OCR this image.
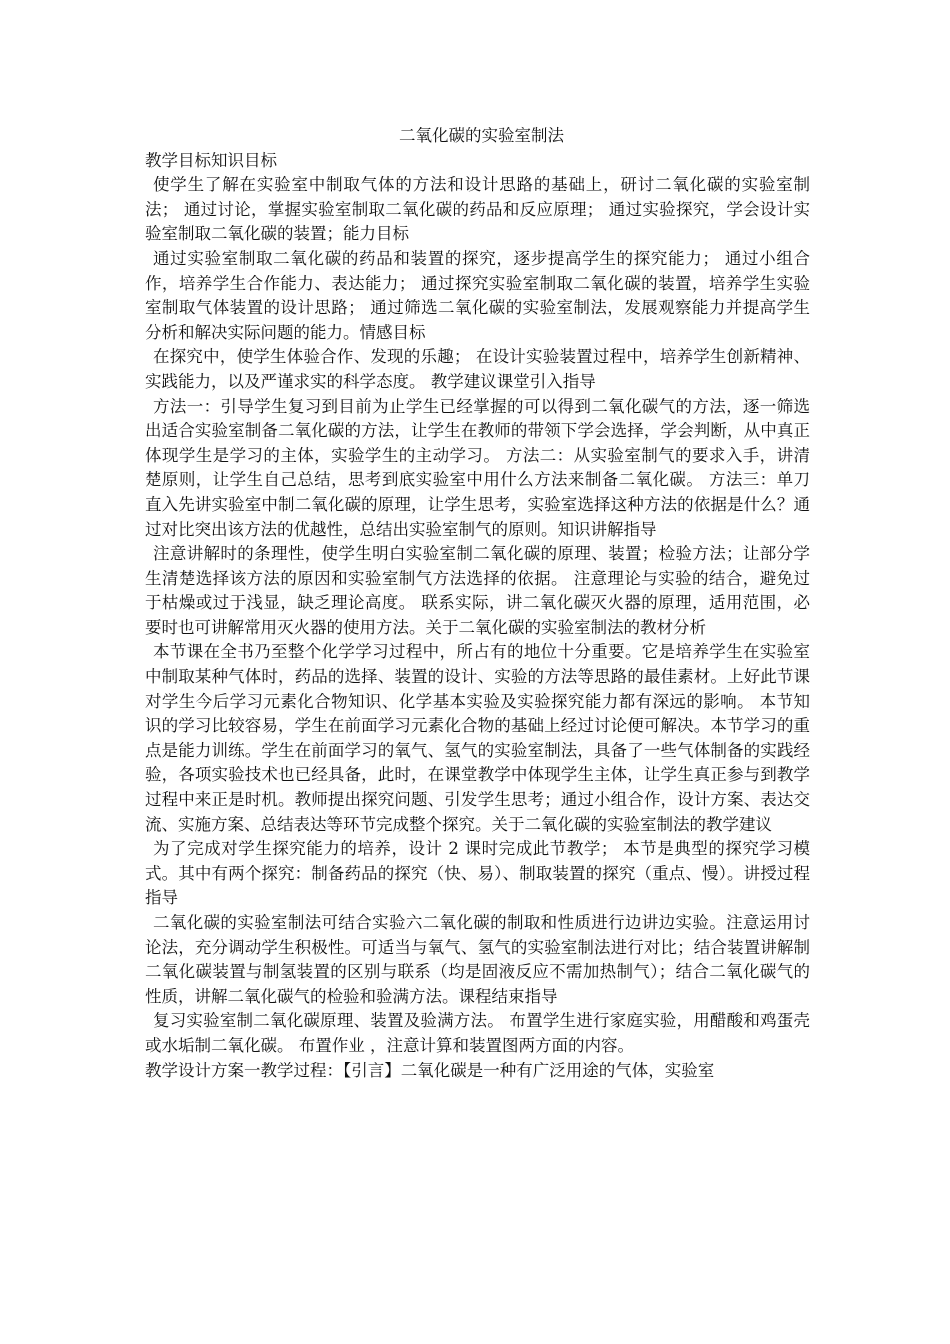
二氧化碳的实验室制法

教学目标知识目标

使学生了解在实验室中制取气体的方法和设计思路的基础上，研讨二氧化碳的实验室制法； 通过讨论，掌握实验室制取二氧化碳的药品和反应原理； 通过实验探究，学会设计实验室制取二氧化碳的装置；能力目标

通过实验室制取二氧化碳的药品和装置的探究，逐步提高学生的探究能力； 通过小组合作，培养学生合作能力、表达能力； 通过探究实验室制取二氧化碳的装置，培养学生实验室制取气体装置的设计思路； 通过筛选二氧化碳的实验室制法，发展观察能力并提高学生分析和解决实际问题的能力。情感目标

在探究中，使学生体验合作、发现的乐趣； 在设计实验装置过程中，培养学生创新精神、实践能力，以及严谨求实的科学态度。 教学建议课堂引入指导

方法一：引导学生复习到目前为止学生已经掌握的可以得到二氧化碳气的方法，逐一筛选出适合实验室制备二氧化碳的方法，让学生在教师的带领下学会选择，学会判断，从中真正体现学生是学习的主体，实验学生的主动学习。 方法二：从实验室制气的要求入手，讲清楚原则，让学生自己总结，思考到底实验室中用什么方法来制备二氧化碳。 方法三：单刀直入先讲实验室中制二氧化碳的原理，让学生思考，实验室选择这种方法的依据是什么？通过对比突出该方法的优越性，总结出实验室制气的原则。知识讲解指导

注意讲解时的条理性，使学生明白实验室制二氧化碳的原理、装置；检验方法；让部分学生清楚选择该方法的原因和实验室制气方法选择的依据。 注意理论与实验的结合，避免过于枯燥或过于浅显，缺乏理论高度。 联系实际，讲二氧化碳灭火器的原理，适用范围，必要时也可讲解常用灭火器的使用方法。关于二氧化碳的实验室制法的教材分析

本节课在全书乃至整个化学学习过程中，所占有的地位十分重要。它是培养学生在实验室中制取某种气体时，药品的选择、装置的设计、实验的方法等思路的最佳素材。上好此节课对学生今后学习元素化合物知识、化学基本实验及实验探究能力都有深远的影响。 本节知识的学习比较容易，学生在前面学习元素化合物的基础上经过讨论便可解决。本节学习的重点是能力训练。学生在前面学习的氧气、氢气的实验室制法，具备了一些气体制备的实践经验，各项实验技术也已经具备，此时，在课堂教学中体现学生主体，让学生真正参与到教学过程中来正是时机。教师提出探究问题、引发学生思考；通过小组合作，设计方案、表达交流、实施方案、总结表达等环节完成整个探究。关于二氧化碳的实验室制法的教学建议

为了完成对学生探究能力的培养，设计 2 课时完成此节教学； 本节是典型的探究学习模式。其中有两个探究：制备药品的探究（快、易）、制取装置的探究（重点、慢）。讲授过程指导

二氧化碳的实验室制法可结合实验六二氧化碳的制取和性质进行边讲边实验。注意运用讨论法，充分调动学生积极性。可适当与氧气、氢气的实验室制法进行对比；结合装置讲解制二氧化碳装置与制氢装置的区别与联系（均是固液反应不需加热制气）；结合二氧化碳气的性质，讲解二氧化碳气的检验和验满方法。课程结束指导

复习实验室制二氧化碳原理、装置及验满方法。 布置学生进行家庭实验，用醋酸和鸡蛋壳或水垢制二氧化碳。 布置作业 ，注意计算和装置图两方面的内容。

教学设计方案一教学过程：【引言】二氧化碳是一种有广泛用途的气体，实验室
